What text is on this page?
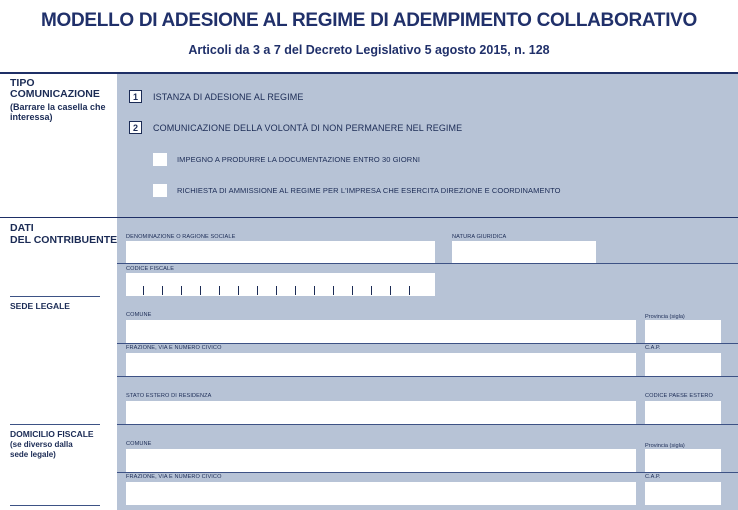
MODELLO DI ADESIONE AL REGIME DI ADEMPIMENTO COLLABORATIVO
Articoli da 3 a 7 del Decreto Legislativo 5 agosto 2015, n. 128
TIPO COMUNICAZIONE
(Barrare la casella che interessa)
1	ISTANZA DI ADESIONE AL REGIME
2	COMUNICAZIONE DELLA VOLONTÀ DI NON PERMANERE NEL REGIME
IMPEGNO A PRODURRE LA DOCUMENTAZIONE ENTRO 30 GIORNI
RICHIESTA DI AMMISSIONE AL REGIME PER L'IMPRESA CHE ESERCITA DIREZIONE E COORDINAMENTO
DATI
DEL CONTRIBUENTE DENOMINAZIONE O RAGIONE SOCIALE	NATURA GIURIDICA
CODICE FISCALE
SEDE LEGALE
COMUNE	Provincia (sigla)
FRAZIONE, VIA E NUMERO CIVICO	C.A.P.
STATO ESTERO DI RESIDENZA	CODICE PAESE ESTERO
DOMICILIO FISCALE
(se diverso dalla sede legale)
COMUNE	Provincia (sigla)
FRAZIONE, VIA E NUMERO CIVICO	C.A.P.
